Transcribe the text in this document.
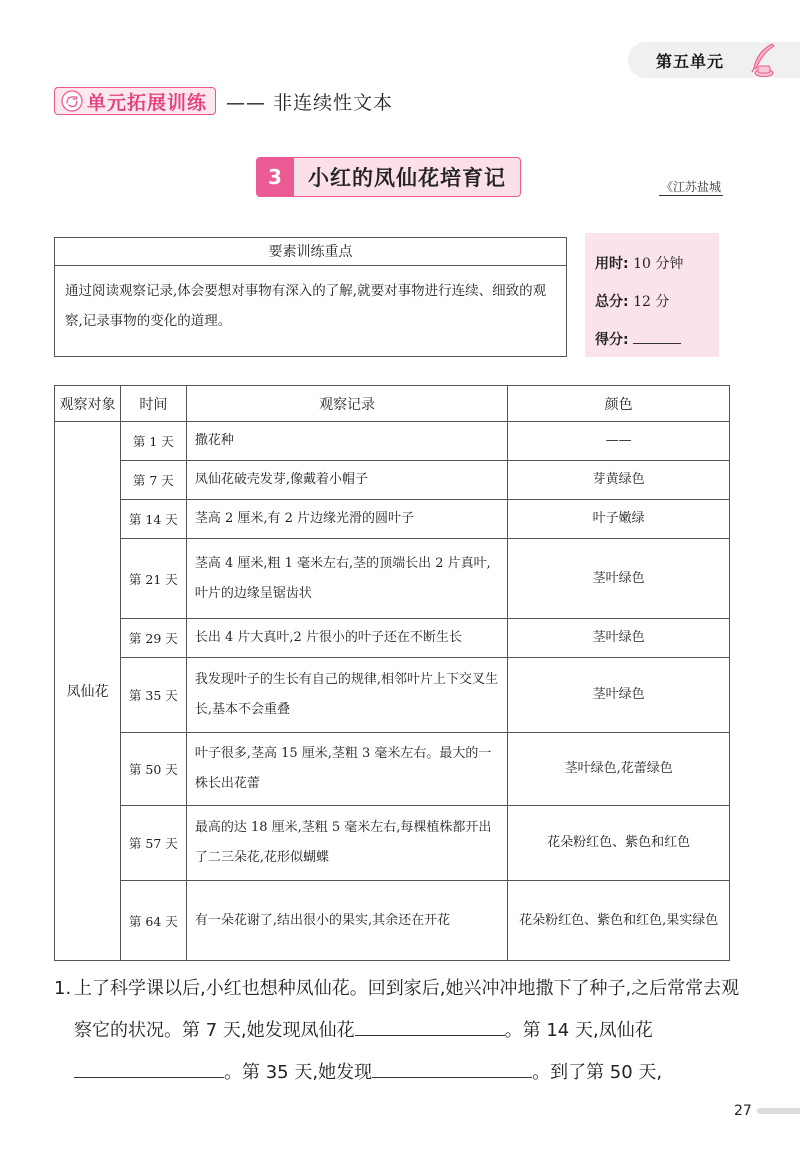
第五单元
单元拓展训练 —— 非连续性文本
3	小红的凤仙花培育记	《江苏盐城
要素训练重点
通过阅读观察记录,体会要想对事物有深入的了解,就要对事物进行连续、细致的观察,记录事物的变化的道理。
用时: 10 分钟
总分: 12 分
得分:
观察对象	时间	观察记录	颜色
凤仙花	第 1 天	撒花种	——
	第 7 天	凤仙花破壳发芽,像戴着小帽子	芽黄绿色
	第 14 天	茎高 2 厘米,有 2 片边缘光滑的圆叶子	叶子嫩绿
	第 21 天	茎高 4 厘米,粗 1 毫米左右,茎的顶端长出 2 片真叶,叶片的边缘呈锯齿状	茎叶绿色
	第 29 天	长出 4 片大真叶,2 片很小的叶子还在不断生长	茎叶绿色
	第 35 天	我发现叶子的生长有自己的规律,相邻叶片上下交叉生长,基本不会重叠	茎叶绿色
	第 50 天	叶子很多,茎高 15 厘米,茎粗 3 毫米左右。最大的一株长出花蕾	茎叶绿色,花蕾绿色
	第 57 天	最高的达 18 厘米,茎粗 5 毫米左右,每棵植株都开出了二三朵花,花形似蝴蝶	花朵粉红色、紫色和红色
	第 64 天	有一朵花谢了,结出很小的果实,其余还在开花	花朵粉红色、紫色和红色,果实绿色
1. 上了科学课以后,小红也想种凤仙花。回到家后,她兴冲冲地撒下了种子,之后常常去观察它的状况。第 7 天,她发现凤仙花	。第 14 天,凤仙花。第 35 天,她发现	。到了第 50 天,
27
